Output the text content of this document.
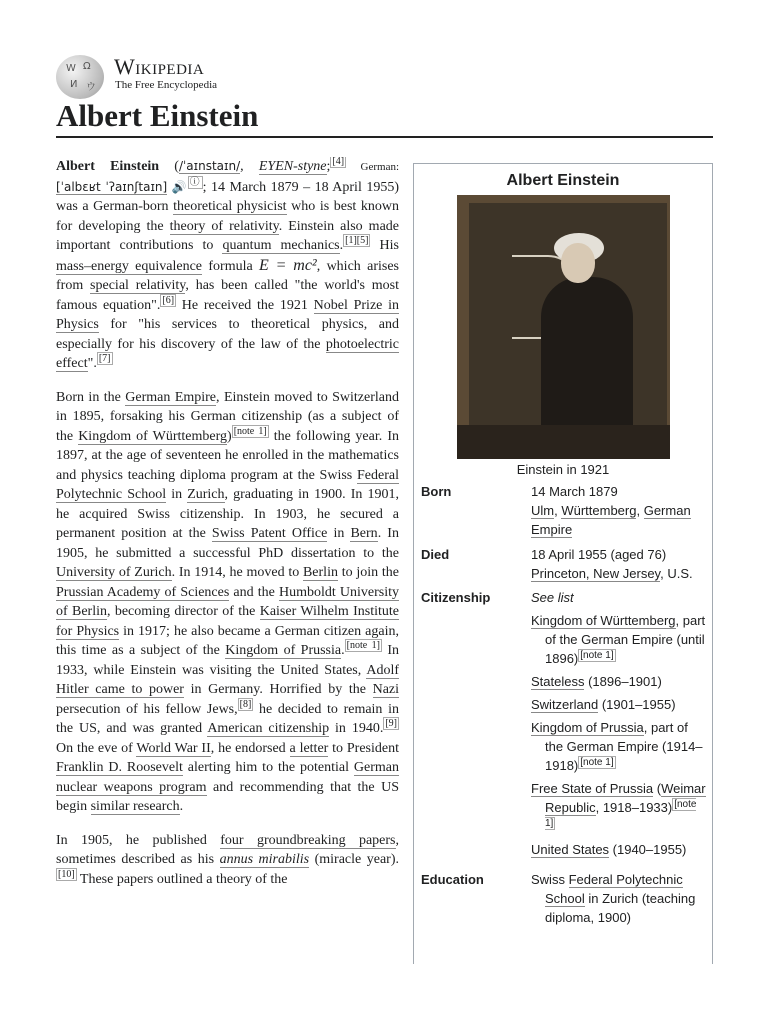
W Ω
И ウ
Wikipedia
The Free Encyclopedia
Albert Einstein

Albert Einstein (/ˈaɪnstaɪn/, EYEN-styne; [4] German: [ˈalbɛʁt ˈʔaɪnʃtaɪn] 🔊 ⓘ ; 14 March 1879 – 18 April 1955) was a German-born theoretical physicist who is best known for developing the theory of relativity. Einstein also made important contributions to quantum mechanics. [1][5] His mass–energy equivalence formula E = mc², which arises from special relativity, has been called "the world's most famous equation". [6] He received the 1921 Nobel Prize in Physics for "his services to theoretical physics, and especially for his discovery of the law of the photoelectric effect". [7]

Born in the German Empire, Einstein moved to Switzerland in 1895, forsaking his German citizenship (as a subject of the Kingdom of Württemberg) [note 1] the following year. In 1897, at the age of seventeen he enrolled in the mathematics and physics teaching diploma program at the Swiss Federal Polytechnic School in Zurich, graduating in 1900. In 1901, he acquired Swiss citizenship. In 1903, he secured a permanent position at the Swiss Patent Office in Bern. In 1905, he submitted a successful PhD dissertation to the University of Zurich. In 1914, he moved to Berlin to join the Prussian Academy of Sciences and the Humboldt University of Berlin, becoming director of the Kaiser Wilhelm Institute for Physics in 1917; he also became a German citizen again, this time as a subject of the Kingdom of Prussia. [note 1] In 1933, while Einstein was visiting the United States, Adolf Hitler came to power in Germany. Horrified by the Nazi persecution of his fellow Jews, [8] he decided to remain in the US, and was granted American citizenship in 1940. [9] On the eve of World War II, he endorsed a letter to President Franklin D. Roosevelt alerting him to the potential German nuclear weapons program and recommending that the US begin similar research.

In 1905, he published four groundbreaking papers, sometimes described as his annus mirabilis (miracle year).[10] These papers outlined a theory of the

Albert Einstein
Einstein in 1921
Born	14 March 1879
Ulm, Württemberg, German Empire
Died	18 April 1955 (aged 76)
Princeton, New Jersey, U.S.
Citizenship	See list
Kingdom of Württemberg, part of the German Empire (until 1896) [note 1]
Stateless (1896–1901)
Switzerland (1901–1955)
Kingdom of Prussia, part of the German Empire (1914–1918) [note 1]
Free State of Prussia (Weimar Republic, 1918–1933) [note 1]
United States (1940–1955)
Education	Swiss Federal Polytechnic School in Zurich (teaching diploma, 1900)
